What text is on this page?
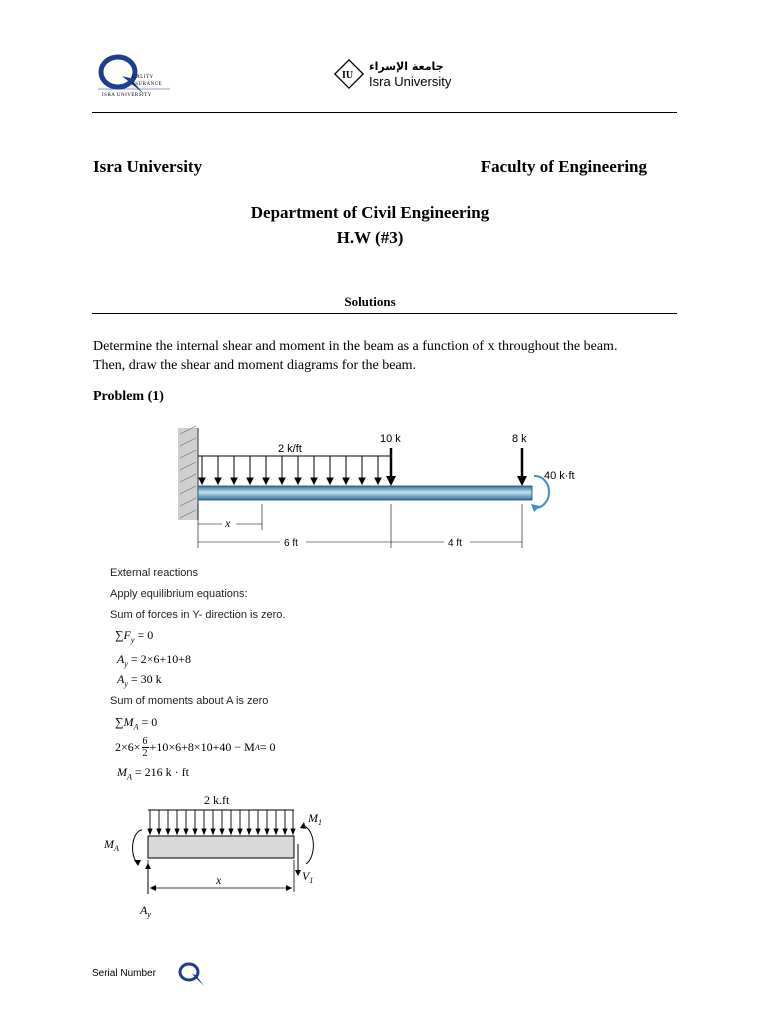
UALITY
SSURANCE
ISRA UNIVERSITY
IU
جامعة الإسراء
Isra University
Isra University	Faculty of Engineering
Department of Civil Engineering
H.W (#3)
Solutions
Determine the internal shear and moment in the beam as a function of x throughout the beam.
Then, draw the shear and moment diagrams for the beam.
Problem (1)
2 k/ft
10 k	8 k
40 k·ft
x
6 ft	4 ft
External reactions
Apply equilibrium equations:
Sum of forces in Y- direction is zero.
$\sum F_y = 0$
$A_y = 2\times 6+10+8$
$A_y = 30$ k
Sum of moments about A is zero
$\sum M_A = 0$
$2\times 6\times \frac{6}{2} +10\times 6+8\times 10+40 - M$ A = 0
$M_A = 216$ k · ft
2 k.ft
$M_A$
$M_1$
$V_1$
x
$A_y$
Serial Number
